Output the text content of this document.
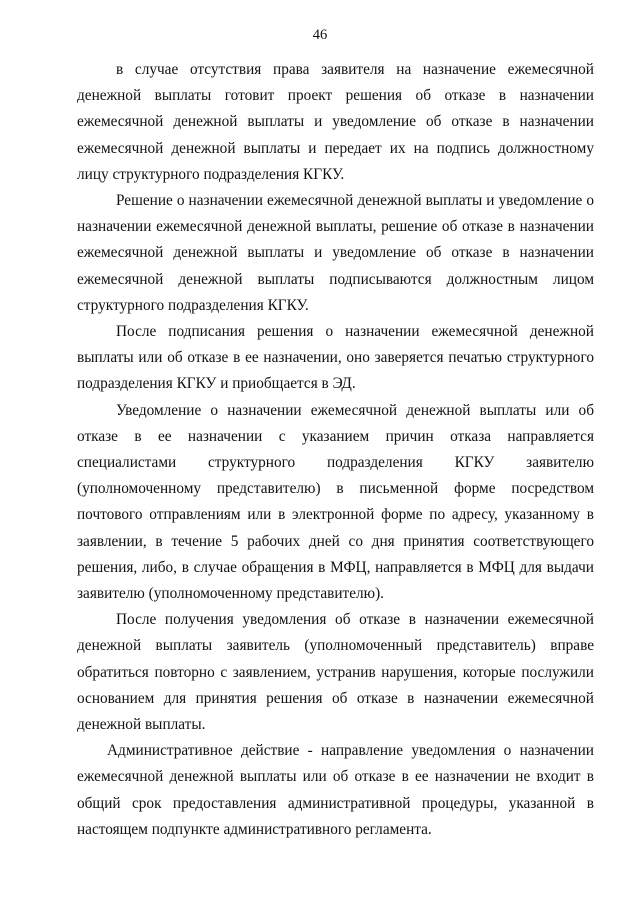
46

в случае отсутствия права заявителя на назначение ежемесячной денежной выплаты готовит проект решения об отказе в назначении ежемесячной денежной выплаты и уведомление об отказе в назначении ежемесячной денежной выплаты и передает их на подпись должностному лицу структурного подразделения КГКУ.

Решение о назначении ежемесячной денежной выплаты и уведомление о назначении ежемесячной денежной выплаты, решение об отказе в назначении ежемесячной денежной выплаты и уведомление об отказе в назначении ежемесячной денежной выплаты подписываются должностным лицом структурного подразделения КГКУ.

После подписания решения о назначении ежемесячной денежной выплаты или об отказе в ее назначении, оно заверяется печатью структурного подразделения КГКУ и приобщается в ЭД.

Уведомление о назначении ежемесячной денежной выплаты или об отказе в ее назначении с указанием причин отказа направляется специалистами структурного подразделения КГКУ заявителю (уполномоченному представителю) в письменной форме посредством почтового отправлениям или в электронной форме по адресу, указанному в заявлении, в течение 5 рабочих дней со дня принятия соответствующего решения, либо, в случае обращения в МФЦ, направляется в МФЦ для выдачи заявителю (уполномоченному представителю).

После получения уведомления об отказе в назначении ежемесячной денежной выплаты заявитель (уполномоченный представитель) вправе обратиться повторно с заявлением, устранив нарушения, которые послужили основанием для принятия решения об отказе в назначении ежемесячной денежной выплаты.

Административное действие - направление уведомления о назначении ежемесячной денежной выплаты или об отказе в ее назначении не входит в общий срок предоставления административной процедуры, указанной в настоящем подпункте административного регламента.
